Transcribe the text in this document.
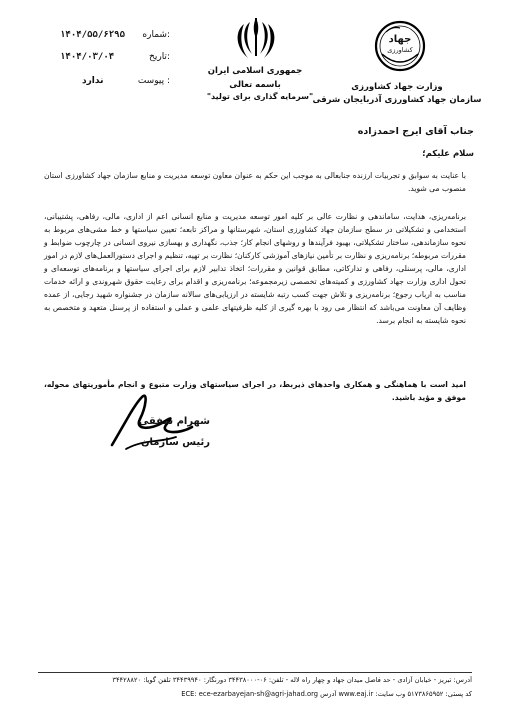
شماره:
۱۴۰۴/۵۵/۶۲۹۵
تاریخ:
۱۴۰۴/۰۳/۰۴
پیوست :
ندارد
جمهوری اسلامی ایران
باسمه تعالی
"سرمایه گذاری برای تولید"
جهاد
کشاورزی
وزارت جهاد کشاورزی
سازمان جهاد کشاورزی آذربایجان شرقی
جناب آقای ایرج احمدزاده
سلام علیکم؛
با عنایت به سوابق و تجربیات ارزنده جنابعالی به موجب این حکم به عنوان معاون توسعه مدیریت و منابع سازمان جهاد کشاورزی استان منصوب می شوید.
برنامه‌ریزی، هدایت، ساماندهی و نظارت عالی بر کلیه امور توسعه مدیریت و منابع انسانی اعم از اداری، مالی، رفاهی، پشتیبانی، استخدامی و تشکیلاتی در سطح سازمان جهاد کشاورزی استان، شهرستانها و مراکز تابعه؛ تعیین سیاستها و خط مشی‌های مربوط به نحوه سازماندهی، ساختار تشکیلاتی، بهبود فرآیندها و روشهای انجام کار؛ جذب، نگهداری و بهسازی نیروی انسانی در چارچوب ضوابط و مقررات مربوطه؛ برنامه‌ریزی و نظارت بر تأمین نیازهای آموزشی کارکنان؛ نظارت بر تهیه، تنظیم و اجرای دستورالعمل‌های لازم در امور اداری، مالی، پرسنلی، رفاهی و تدارکاتی، مطابق قوانین و مقررات؛ اتخاذ تدابیر لازم برای اجرای سیاستها و برنامه‌های توسعه‌ای و تحول اداری وزارت جهاد کشاورزی و کمیته‌های تخصصی زیرمجموعه؛ برنامه‌ریزی و اقدام برای رعایت حقوق شهروندی و ارائه خدمات مناسب به ارباب رجوع؛ برنامه‌ریزی و تلاش جهت کسب رتبه شایسته در ارزیابی‌های سالانه سازمان در جشنواره شهید رجایی، از عمده وظایف آن معاونت می‌باشد که انتظار می رود با بهره گیری از کلیه ظرفیتهای علمی و عملی و استفاده از پرسنل متعهد و متخصص به نحوه شایسته به انجام برسد.
امید است با هماهنگی و همکاری واحدهای ذیربط، در اجرای سیاستهای وزارت متبوع و انجام مأموریتهای محوله، موفق و مؤید باشید.
شهرام شفقی
رئیس سازمان
آدرس: تبریز - خیابان آزادی - حد فاصل میدان جهاد و چهار راه لاله - تلفن: ۰۶-۳۴۴۳۸۰۰۰ دورنگار: ۳۴۴۳۹۹۴۰ تلفن گویا: ۳۴۴۲۸۸۲۰
کد پستی: ۵۱۷۳۸۶۵۹۵۲ وب سایت: www.eaj.ir آدرس ECE: ece-ezarbayejan-sh@agri-jahad.org
